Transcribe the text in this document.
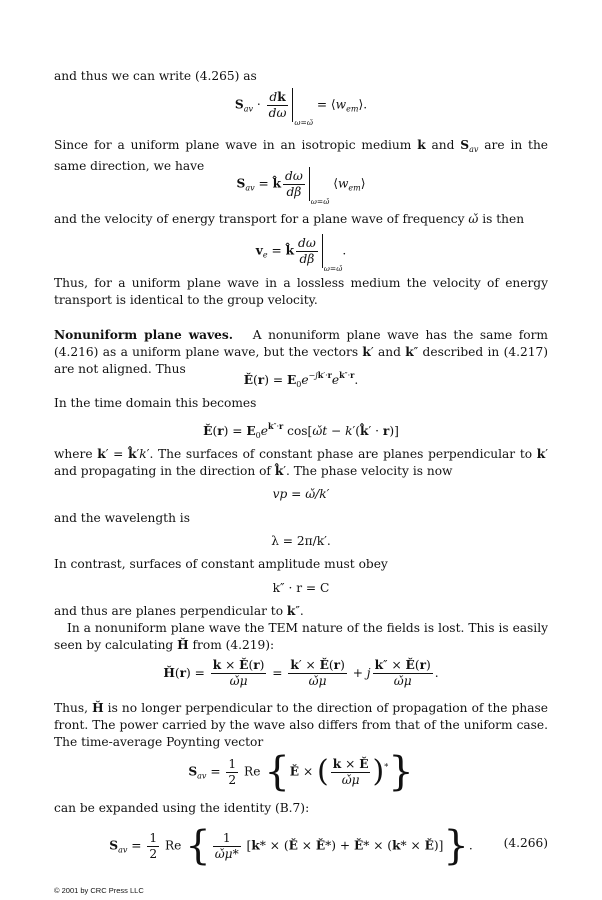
and thus we can write (4.265) as
$S_{av} \cdot \frac{dk}{d\omega}$
$_{\omega=\omegǎ} = ⟨w_{em}⟩$.
Since for a uniform plane wave in an isotropic medium k and $S_{av}$ are in the same direction, we have
$S_{av}$ = k̂ $\frac{d\omega}{d\beta}$
$_{\omega=\omegǎ}$ $⟨w_{em}⟩$
and the velocity of energy transport for a plane wave of frequency ω̌ is then
$v_e$ = k̂ $\frac{d\omega}{d\beta}$
$_{\omega=\omegǎ}$.
Thus, for a uniform plane wave in a lossless medium the velocity of energy transport is identical to the group velocity.
Nonuniform plane waves.   A nonuniform plane wave has the same form (4.216) as a uniform plane wave, but the vectors k′ and k″ described in (4.217) are not aligned. Thus
Ě(r) = $E_0e^{-jk'\cdot r}e^{k''\cdot r}$.
In the time domain this becomes
Ě(r) = $E_0e^{k''\cdot r}$ cos[ω̌t − k′(k̂′ · r)]
where k′ = k̂′k′. The surfaces of constant phase are planes perpendicular to k′ and propagating in the direction of k̂′. The phase velocity is now
vp = ω̌/k′
and the wavelength is
λ = 2π/k′.
In contrast, surfaces of constant amplitude must obey
k″ · r = C
and thus are planes perpendicular to k″.
In a nonuniform plane wave the TEM nature of the fields is lost. This is easily seen by calculating Ȟ from (4.219):
Ȟ(r) = $\frac{k \times Ě(r)}{\omegǎ\mu} = \frac{k' \times Ě(r)}{\omegǎ\mu} + j \frac{k'' \times Ě(r)}{\omegǎ\mu}$ .
Thus, Ȟ is no longer perpendicular to the direction of propagation of the phase front. The power carried by the wave also differs from that of the uniform case. The time-average Poynting vector
$S_{av} = \frac{1}{2}$ Re {Ě × ( $\frac{k \times Ě}{\omegǎ\mu} )^*$}
can be expanded using the identity (B.7):
$S_{av} = \frac{1}{2}$ Re { $\frac{1}{\omegǎ\mu*} [k*$ × (Ě × Ě*) + Ě* × (k* × Ě)]}.	(4.266)
© 2001 by CRC Press LLC
